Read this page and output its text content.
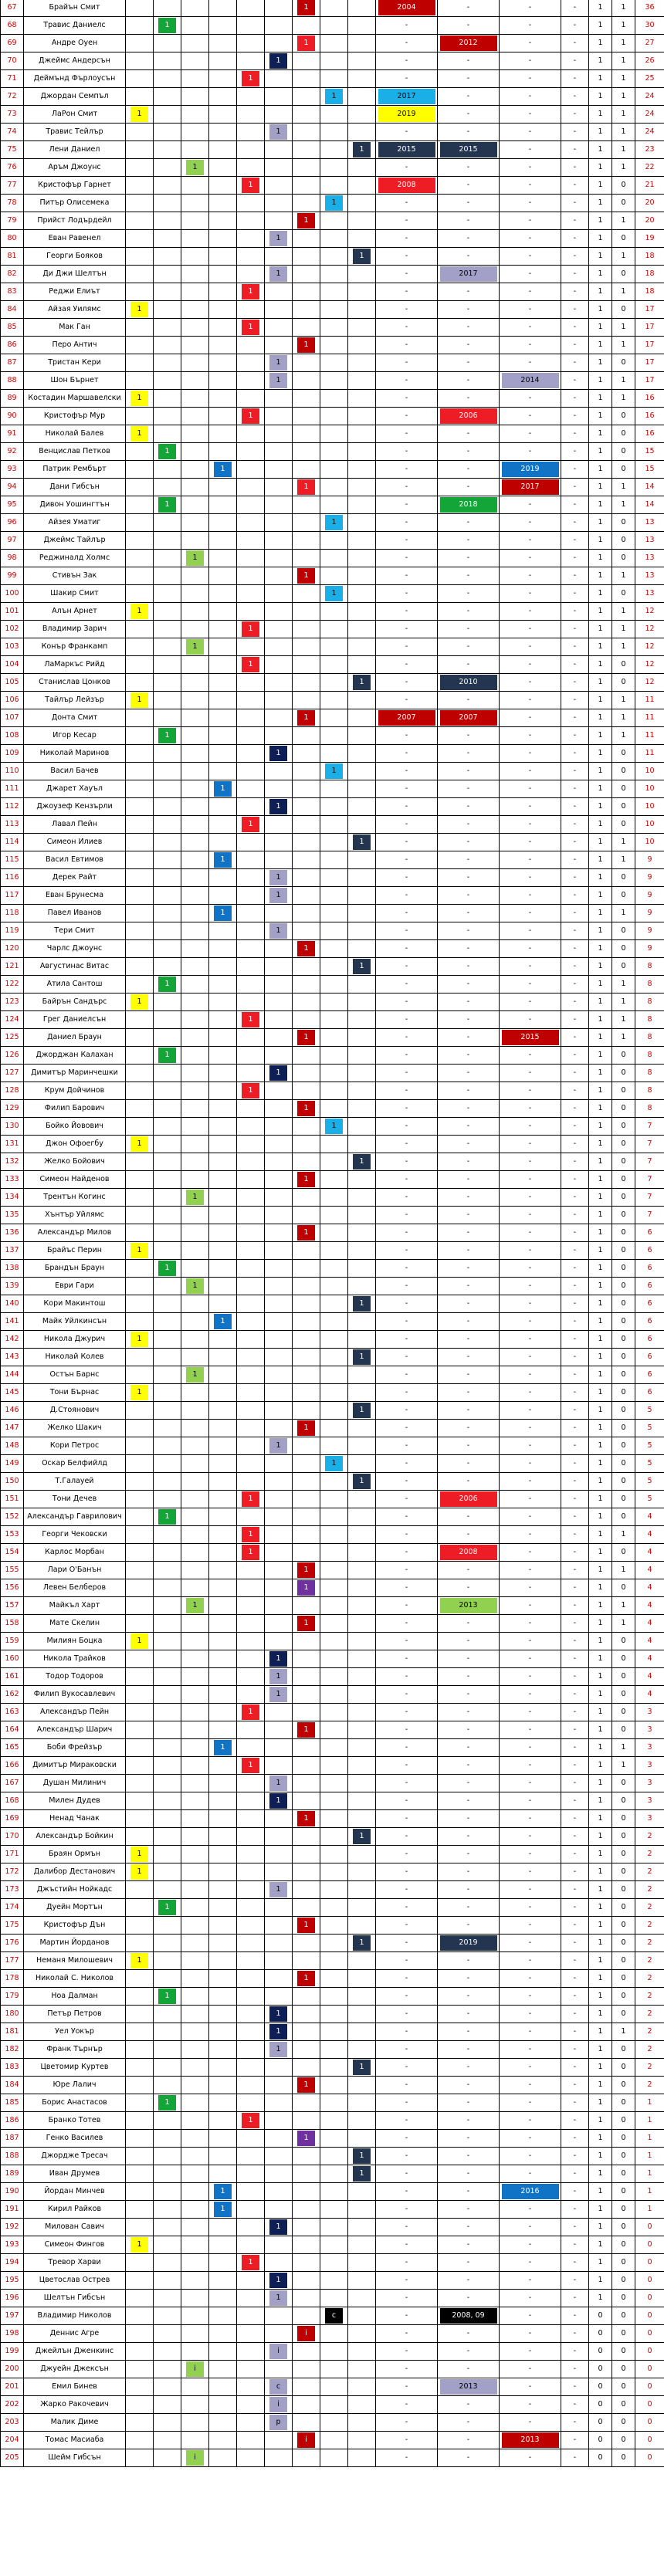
67	Брайън Смит							1			2004	-	-	-	1	1	36
68	Травис Даниелс		1								-	-	-	-	1	1	30
69	Андре Оуен							1			-	2012	-	-	1	1	27
70	Джеймс Андерсън						1				-	-	-	-	1	1	26
71	Деймънд Фърлоусън					1					-	-	-	-	1	1	25
72	Джордан Семпъл								1		2017	-	-	-	1	1	24
73	ЛаРон Смит	1									2019	-	-	-	1	1	24
74	Травис Тейлър						1				-	-	-	-	1	1	24
75	Лени Даниел									1	2015	2015	-	-	1	1	23
76	Аръм Джоунс			1							-	-	-	-	1	1	22
77	Кристофър Гарнет					1					2008	-	-	-	1	0	21
78	Питър Олисемека								1		-	-	-	-	1	0	20
79	Прийст Лодърдейл							1			-	-	-	-	1	1	20
80	Еван Равенел						1				-	-	-	-	1	0	19
81	Георги Бояков									1	-	-	-	-	1	1	18
82	Ди Джи Шелтън						1				-	2017	-	-	1	0	18
83	Реджи Елиът					1					-	-	-	-	1	1	18
84	Айзая Уилямс	1									-	-	-	-	1	0	17
85	Мак Ган					1					-	-	-	-	1	1	17
86	Перо Антич							1			-	-	-	-	1	1	17
87	Тристан Кери						1				-	-	-	-	1	0	17
88	Шон Бърнет						1				-	-	2014	-	1	1	17
89	Костадин Маршавелски	1									-	-	-	-	1	1	16
90	Кристофър Мур					1					-	2006	-	-	1	0	16
91	Николай Балев	1									-	-	-	-	1	0	16
92	Венцислав Петков		1								-	-	-	-	1	0	15
93	Патрик Рембърт				1						-	-	2019	-	1	0	15
94	Дани Гибсън							1			-	-	2017	-	1	1	14
95	Дивон Уошингтън		1								-	2018	-	-	1	1	14
96	Айзея Уматиг								1		-	-	-	-	1	0	13
97	Джеймс Тайлър										-	-	-	-	1	0	13
98	Реджиналд Холмс			1							-	-	-	-	1	0	13
99	Стивън Зак							1			-	-	-	-	1	1	13
100	Шакир Смит								1		-	-	-	-	1	0	13
101	Алън Арнет	1									-	-	-	-	1	1	12
102	Владимир Зарич					1					-	-	-	-	1	1	12
103	Конър Франкамп			1							-	-	-	-	1	1	12
104	ЛаМаркъс Рийд					1					-	-	-	-	1	0	12
105	Станислав Цонков									1	-	2010	-	-	1	0	12
106	Тайлър Лейзър	1									-	-	-	-	1	1	11
107	Донта Смит							1			2007	2007	-	-	1	1	11
108	Игор Кесар		1								-	-	-	-	1	1	11
109	Николай Маринов						1				-	-	-	-	1	0	11
110	Васил Бачев								1		-	-	-	-	1	0	10
111	Джарет Хауъл				1						-	-	-	-	1	0	10
112	Джоузеф Кензърли						1				-	-	-	-	1	0	10
113	Лавал Пейн					1					-	-	-	-	1	0	10
114	Симеон Илиев									1	-	-	-	-	1	1	10
115	Васил Евтимов				1						-	-	-	-	1	1	9
116	Дерек Райт						1				-	-	-	-	1	0	9
117	Еван Брунесма						1				-	-	-	-	1	0	9
118	Павел Иванов				1						-	-	-	-	1	1	9
119	Тери Смит						1				-	-	-	-	1	0	9
120	Чарлс Джоунс							1			-	-	-	-	1	0	9
121	Августинас Витас									1	-	-	-	-	1	0	8
122	Атила Сантош		1								-	-	-	-	1	1	8
123	Байрън Сандърс	1									-	-	-	-	1	1	8
124	Грег Даниелсън					1					-	-	-	-	1	1	8
125	Даниел Браун							1			-	-	2015	-	1	1	8
126	Джорджан Калахан		1								-	-	-	-	1	0	8
127	Димитър Маринчешки						1				-	-	-	-	1	0	8
128	Крум Дойчинов					1					-	-	-	-	1	0	8
129	Филип Барович							1			-	-	-	-	1	0	8
130	Бойко Йовович								1		-	-	-	-	1	0	7
131	Джон Офоегбу	1									-	-	-	-	1	0	7
132	Желко Бойович									1	-	-	-	-	1	0	7
133	Симеон Найденов							1			-	-	-	-	1	0	7
134	Трентън Когинс			1							-	-	-	-	1	0	7
135	Хънтър Уйлямс										-	-	-	-	1	0	7
136	Александър Милов							1			-	-	-	-	1	0	6
137	Брайъс Перин	1									-	-	-	-	1	0	6
138	Брандън Браун		1								-	-	-	-	1	0	6
139	Еври Гари			1							-	-	-	-	1	0	6
140	Кори Макинтош									1	-	-	-	-	1	0	6
141	Майк Уйлкинсън				1						-	-	-	-	1	0	6
142	Никола Джурич	1									-	-	-	-	1	0	6
143	Николай Колев									1	-	-	-	-	1	0	6
144	Остън Барнс			1							-	-	-	-	1	0	6
145	Тони Бърнас	1									-	-	-	-	1	0	6
146	Д.Стоянович									1	-	-	-	-	1	0	5
147	Желко Шакич							1			-	-	-	-	1	0	5
148	Кори Петрос						1				-	-	-	-	1	0	5
149	Оскар Белфийлд								1		-	-	-	-	1	0	5
150	Т.Галауей									1	-	-	-	-	1	0	5
151	Тони Дечев					1					-	2006	-	-	1	0	5
152	Александър Гаврилович		1								-	-	-	-	1	0	4
153	Георги Чековски					1					-	-	-	-	1	1	4
154	Карлос Морбан					1					-	2008	-	-	1	0	4
155	Лари О'Банън							1			-	-	-	-	1	1	4
156	Левен Белберов							1			-	-	-	-	1	0	4
157	Майкъл Харт			1							-	2013	-	-	1	1	4
158	Мате Скелин							1			-	-	-	-	1	1	4
159	Милиян Боцка	1									-	-	-	-	1	0	4
160	Никола Трайков						1				-	-	-	-	1	0	4
161	Тодор Тодоров						1				-	-	-	-	1	0	4
162	Филип Вукосавлевич						1				-	-	-	-	1	0	4
163	Александър Пейн					1					-	-	-	-	1	0	3
164	Александър Шарич							1			-	-	-	-	1	0	3
165	Боби Фрейзър				1						-	-	-	-	1	1	3
166	Димитър Мираковски					1					-	-	-	-	1	1	3
167	Душан Милинич						1				-	-	-	-	1	0	3
168	Милен Дудев						1				-	-	-	-	1	0	3
169	Ненад Чанак							1			-	-	-	-	1	0	3
170	Александър Бойкин									1	-	-	-	-	1	0	2
171	Браян Ормън	1									-	-	-	-	1	0	2
172	Далибор Дестанович	1									-	-	-	-	1	0	2
173	Джъстийн Нойкадс						1				-	-	-	-	1	0	2
174	Дуейн Мортън		1								-	-	-	-	1	0	2
175	Кристофър Дън							1			-	-	-	-	1	0	2
176	Мартин Йорданов									1	-	2019	-	-	1	0	2
177	Неманя Милошевич	1									-	-	-	-	1	0	2
178	Николай С. Николов							1			-	-	-	-	1	0	2
179	Ноа Далман		1								-	-	-	-	1	0	2
180	Петър Петров						1				-	-	-	-	1	0	2
181	Уел Уокър						1				-	-	-	-	1	1	2
182	Франк Търнър						1				-	-	-	-	1	0	2
183	Цветомир Куртев									1	-	-	-	-	1	0	2
184	Юре Лалич							1			-	-	-	-	1	0	2
185	Борис Анастасов		1								-	-	-	-	1	0	1
186	Бранко Тотев					1					-	-	-	-	1	0	1
187	Генко Василев							1			-	-	-	-	1	0	1
188	Джордже Тресач									1	-	-	-	-	1	0	1
189	Иван Друмев									1	-	-	-	-	1	0	1
190	Йордан Минчев				1						-	-	2016	-	1	0	1
191	Кирил Райков				1						-	-	-	-	1	0	1
192	Милован Савич						1				-	-	-	-	1	0	0
193	Симеон Фингов	1									-	-	-	-	1	0	0
194	Тревор Харви					1					-	-	-	-	1	0	0
195	Цветослав Острев						1				-	-	-	-	1	0	0
196	Шелтън Гибсън						1				-	-	-	-	1	0	0
197	Владимир Николов								c		-	2008, 09	-	-	0	0	0
198	Деннис Агре							i			-	-	-	-	0	0	0
199	Джейлън Дженкинс						i				-	-	-	-	0	0	0
200	Джуейн Джексън			i							-	-	-	-	0	0	0
201	Емил Бинев						c				-	2013	-	-	0	0	0
202	Жарко Ракочевич						i				-	-	-	-	0	0	0
203	Малик Диме						p				-	-	-	-	0	0	0
204	Томас Масиаба							i			-	-	2013	-	0	0	0
205	Шейм Гибсън			i							-	-	-	-	0	0	0
